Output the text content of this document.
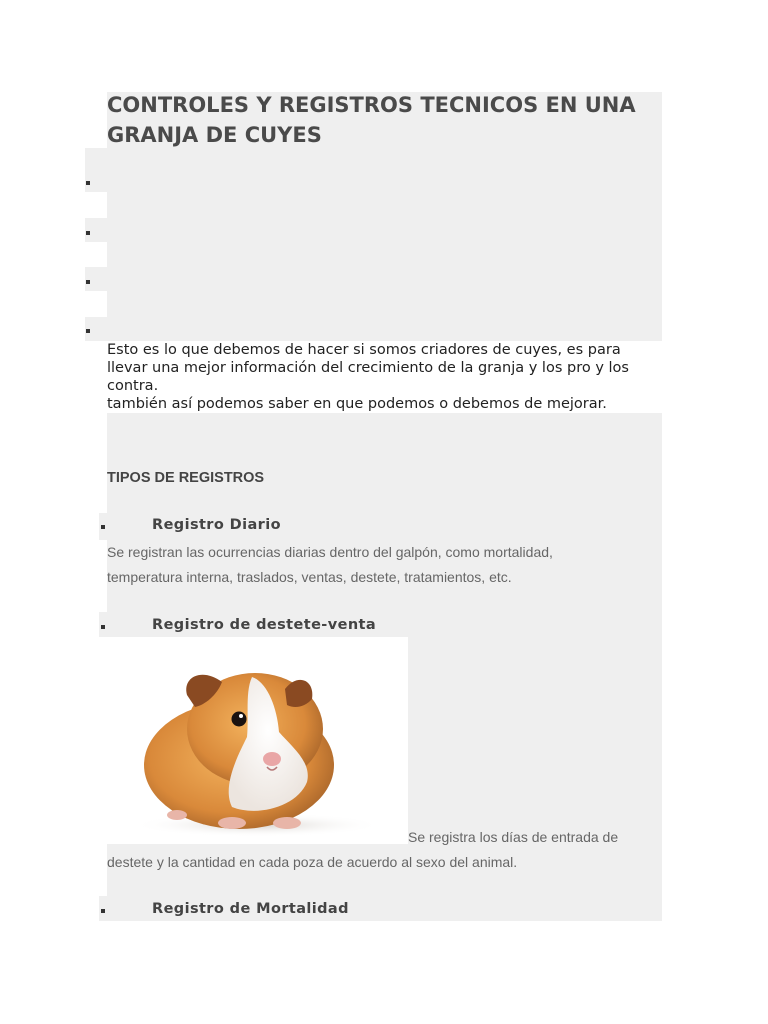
CONTROLES Y REGISTROS TECNICOS EN UNA GRANJA DE CUYES

Esto es lo que debemos de hacer si somos criadores de cuyes, es para
llevar una mejor información del crecimiento de la granja y los pro y los
contra.
también así podemos saber en que podemos o debemos de mejorar.

TIPOS DE REGISTROS
Registro Diario
Se registran las ocurrencias diarias dentro del galpón, como mortalidad,
temperatura interna, traslados, ventas, destete, tratamientos, etc.
Registro de destete-venta
Se registra los días de entrada de
destete y la cantidad en cada poza de acuerdo al sexo del animal.
Registro de Mortalidad
